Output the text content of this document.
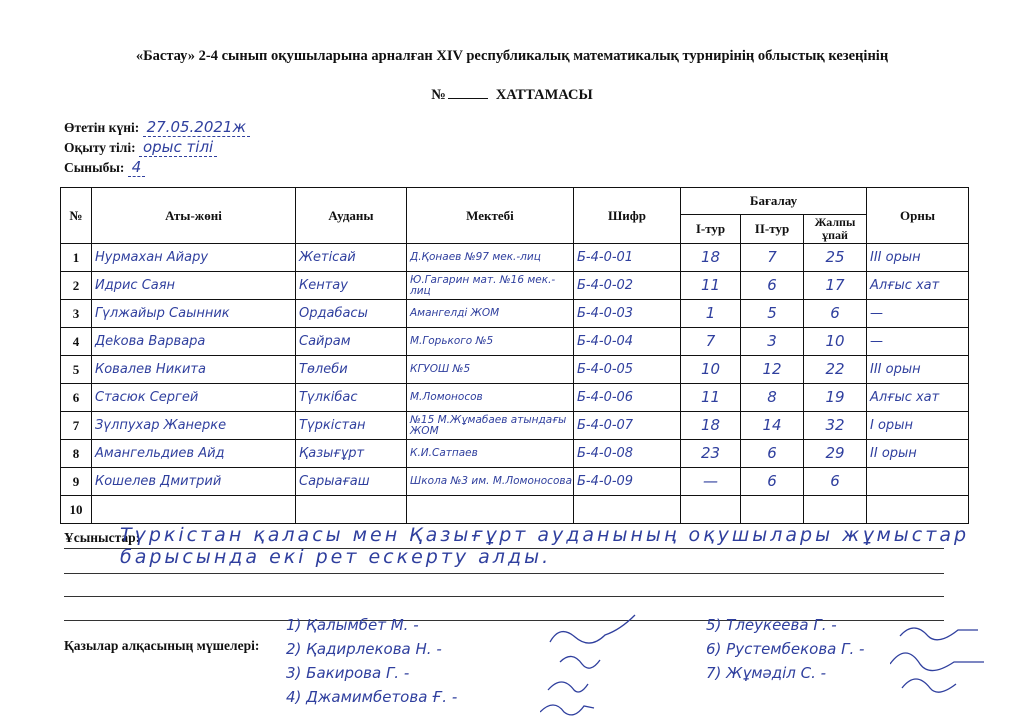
«Бастау» 2-4 сынып оқушыларына арналған XIV республикалық математикалық турнирінің облыстық кезеңінің
№	ХАТТАМАСЫ
Өтетін күні: 27.05.2021ж
Оқыту тілі: орыс тілі
Сыныбы: 4
№	Аты-жөні	Ауданы	Мектебі	Шифр	Бағалау			Орны
					I-тур	II-тур	Жалпы ұпай	
1	Нурмахан Айару	Жетісай	Д.Қонаев №97 мек.-лиц	Б-4-0-01	18	7	25	III орын
2	Идрис Саян	Кентау	Ю.Гагарин мат. №16 мек.-лиц	Б-4-0-02	11	6	17	Алғыс хат
3	Гүлжайыр Саынник	Ордабасы	Амангелді ЖОМ	Б-4-0-03	1	5	6	—
4	Деkова Варвара	Сайрам	М.Горького №5	Б-4-0-04	7	3	10	—
5	Ковалев Никита	Төлеби	КГУОШ №5	Б-4-0-05	10	12	22	III орын
6	Стасюк Сергей	Түлкібас	М.Ломоносов	Б-4-0-06	11	8	19	Алғыс хат
7	Зүлпухар Жанерке	Түркістан	№15 М.Жұмабаев атындағы ЖОМ	Б-4-0-07	18	14	32	I орын
8	Амангельдиев Айд	Қазығұрт	К.И.Сатпаев	Б-4-0-08	23	6	29	II орын
9	Кошелев Дмитрий	Сарыағаш	Школа №3 им. М.Ломоносова	Б-4-0-09	—	6	6	
10								
Ұсыныстар:
Түркістан қаласы мен Қазығұрт ауданының оқушылары жұмыстар барысында екі рет ескерту алды.
Қазылар алқасының мүшелері:
1) Қалымбет М. -
2) Қадирлекова Н. -
3) Бакирова Г. -
4) Джамимбетова Ғ. -
5) Тлеукеева Г. -
6) Рустембекова Г. -
7) Жұмәділ С. -
